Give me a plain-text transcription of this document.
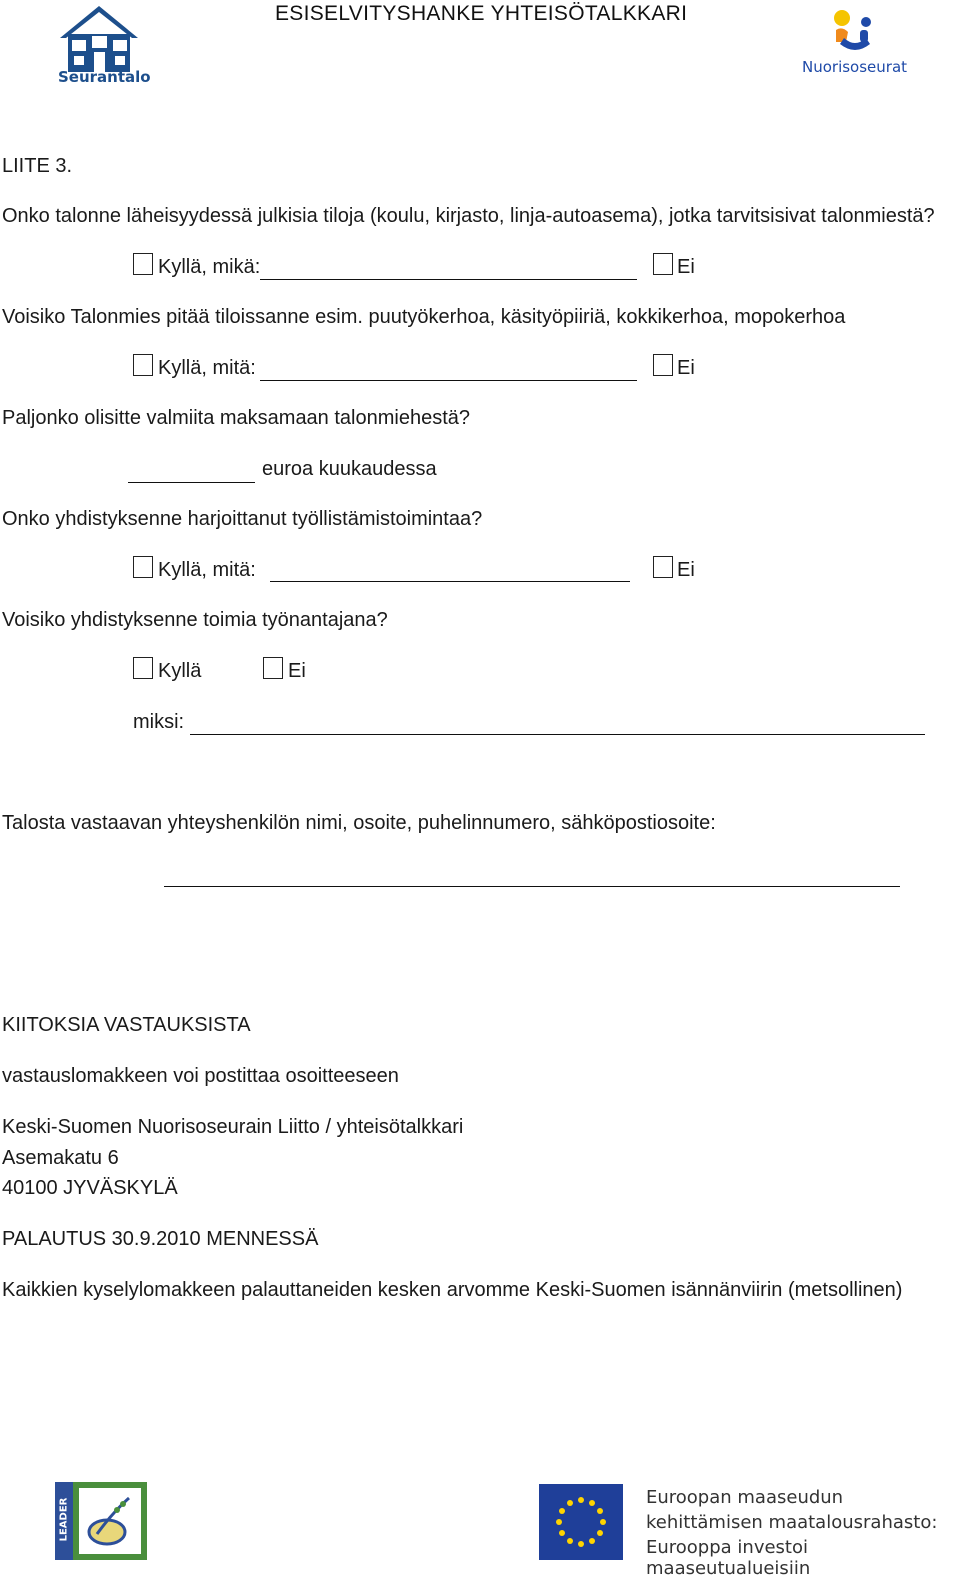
Seurantalo
ESISELVITYSHANKE YHTEISÖTALKKARI
Nuorisoseurat
LIITE 3.
Onko talonne läheisyydessä julkisia tiloja (koulu, kirjasto, linja-autoasema), jotka tarvitsisivat talonmiestä?
Kyllä, mikä:	Ei
Voisiko Talonmies pitää tiloissanne esim. puutyökerhoa, käsityöpiiriä, kokkikerhoa, mopokerhoa
Kyllä, mitä:	Ei
Paljonko olisitte valmiita maksamaan talonmiehestä?
euroa kuukaudessa
Onko yhdistyksenne harjoittanut työllistämistoimintaa?
Kyllä, mitä:	Ei
Voisiko yhdistyksenne toimia työnantajana?
Kyllä	Ei
miksi:
Talosta vastaavan yhteyshenkilön nimi, osoite, puhelinnumero, sähköpostiosoite:
KIITOKSIA VASTAUKSISTA
vastauslomakkeen voi postittaa osoitteeseen
Keski-Suomen Nuorisoseurain Liitto / yhteisötalkkari
Asemakatu 6
40100 JYVÄSKYLÄ
PALAUTUS 30.9.2010 MENNESSÄ
Kaikkien kyselylomakkeen palauttaneiden kesken arvomme Keski-Suomen isännänviirin (metsollinen)
LEADER
Euroopan maaseudun
kehittämisen maatalousrahasto:
Eurooppa investoi maaseutualueisiin
